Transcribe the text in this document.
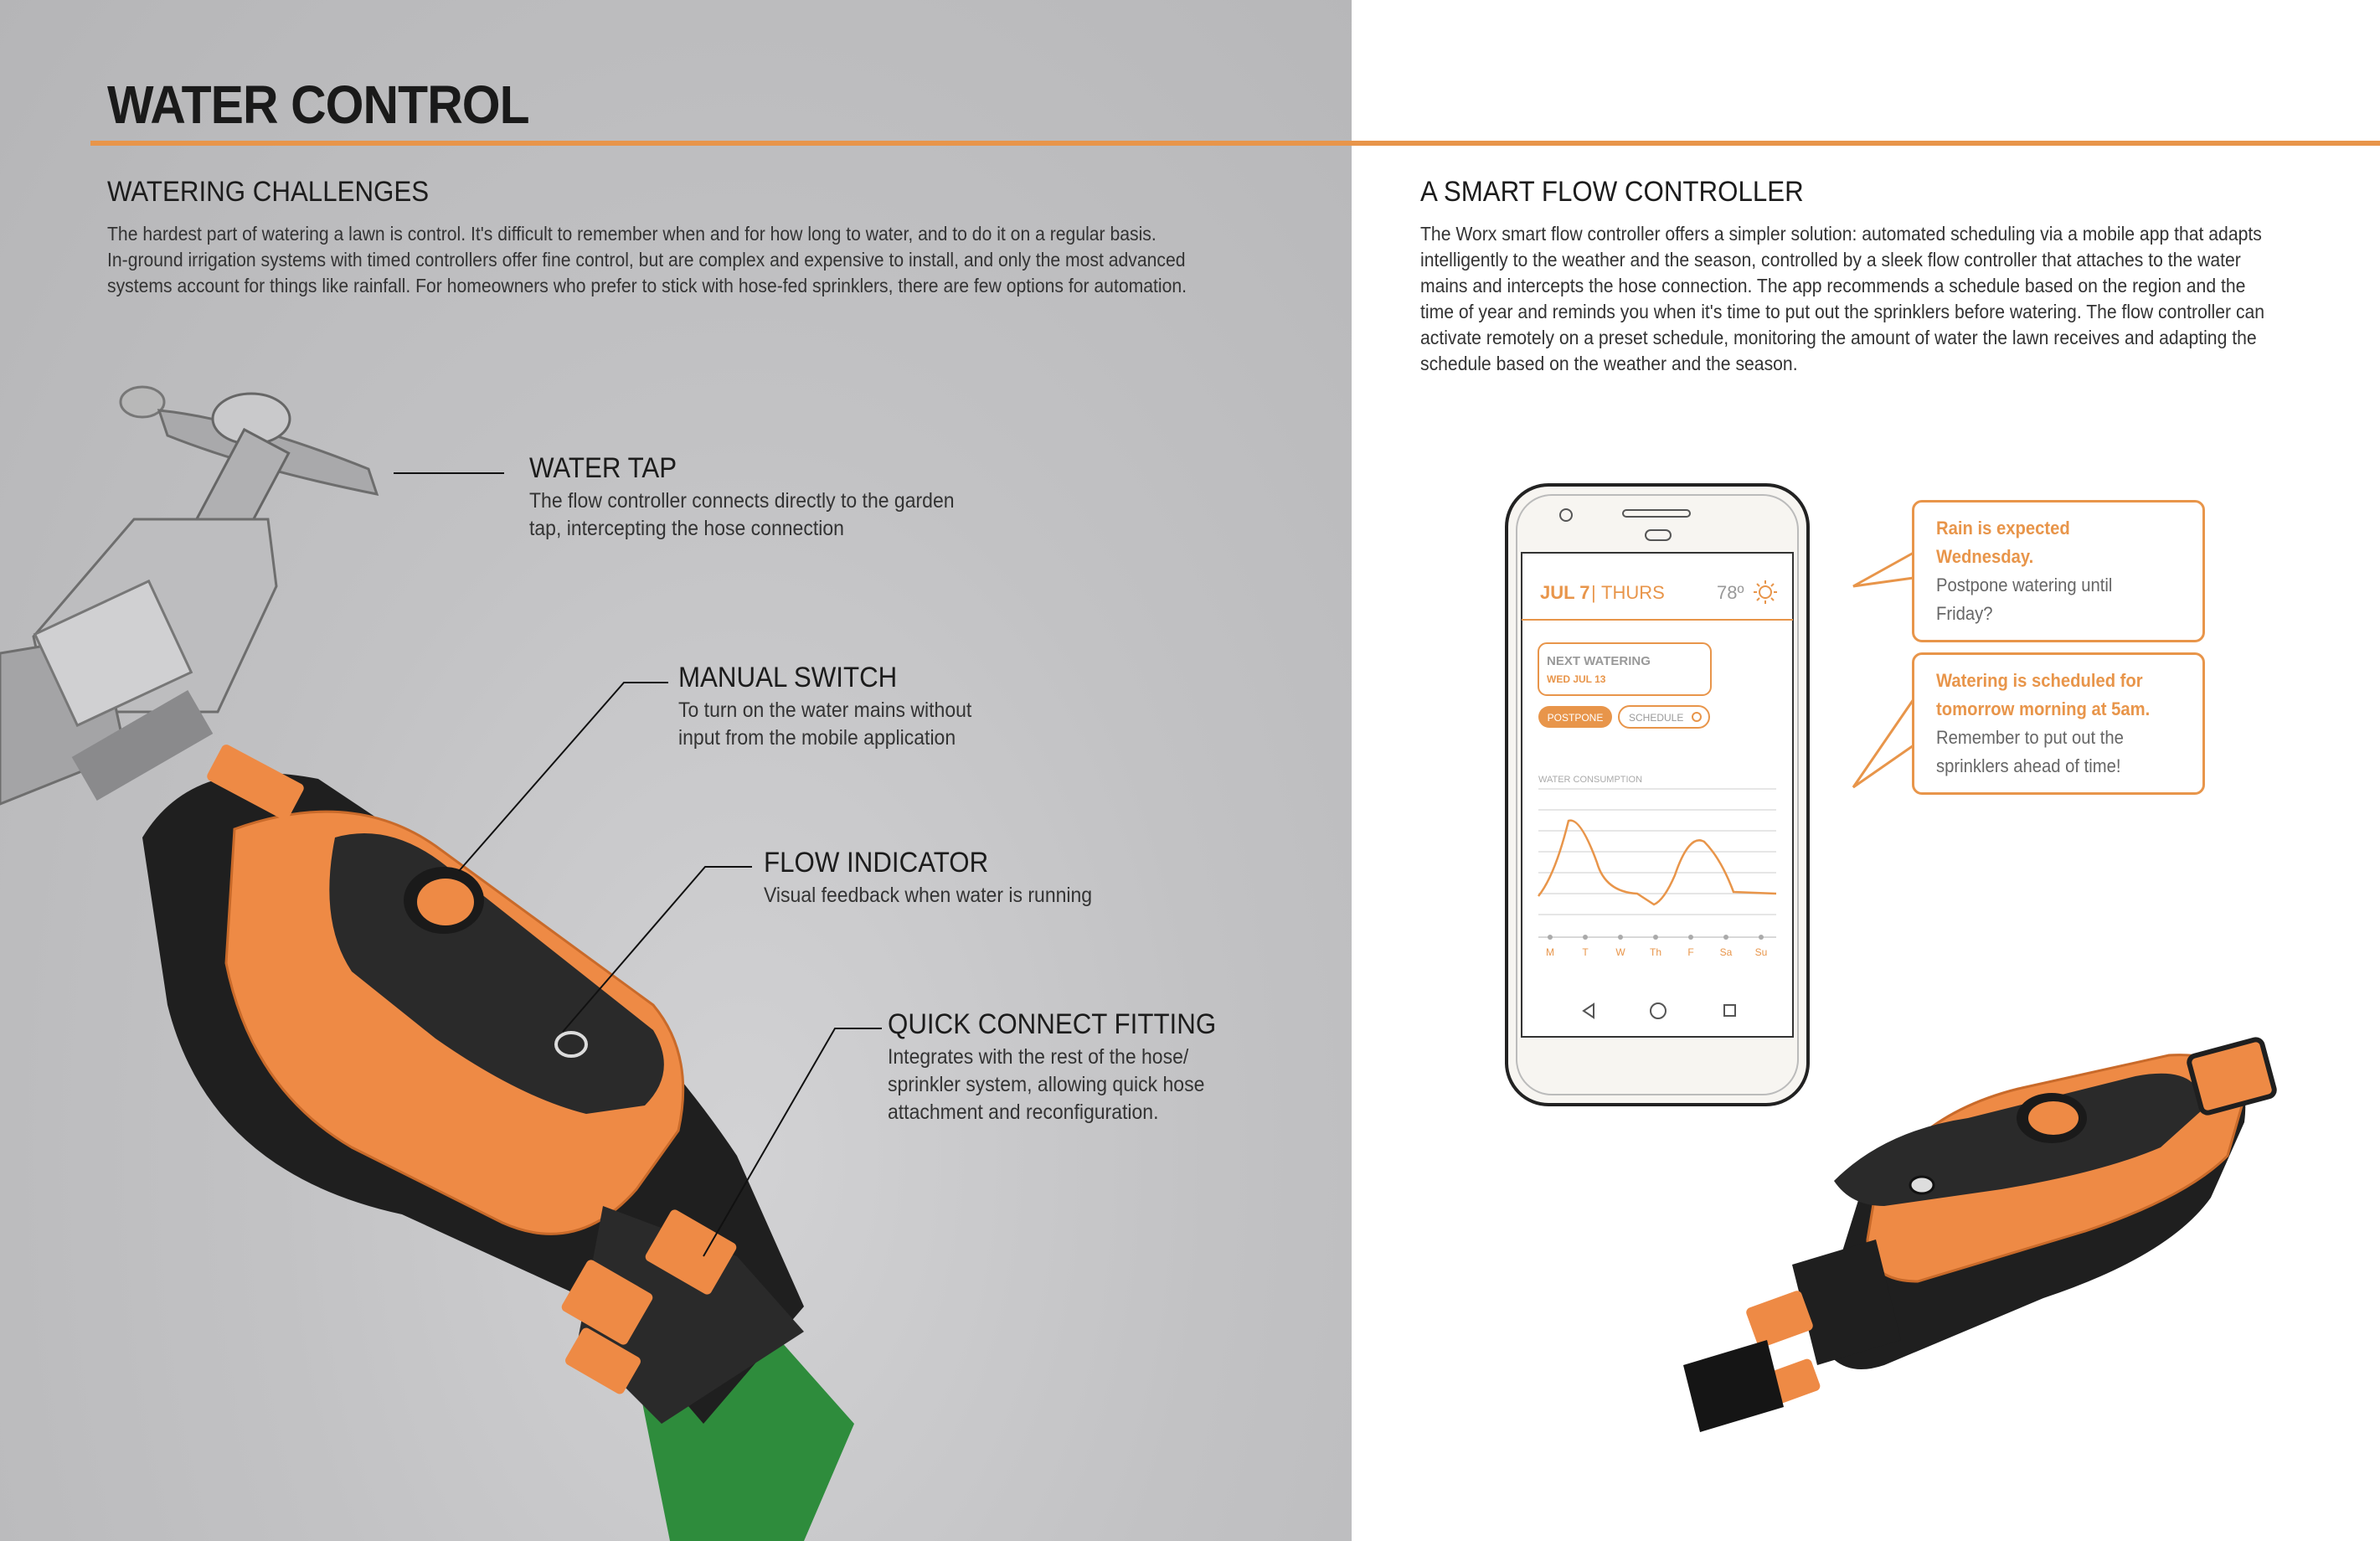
WATER CONTROL
WATERING CHALLENGES
The hardest part of watering a lawn is control. It's difficult to remember when and for how long to water, and to do it on a regular basis.
In-ground irrigation systems with timed controllers offer fine control, but are complex and expensive to install, and only the most advanced
systems account for things like rainfall. For homeowners who prefer to stick with hose-fed sprinklers, there are few options for automation.
WATER TAP
The flow controller connects directly to the garden
tap, intercepting the hose connection
MANUAL SWITCH
To turn on the water mains without
input from the mobile application
FLOW INDICATOR
Visual feedback when water is running
QUICK CONNECT FITTING
Integrates with the rest of the hose/
sprinkler system, allowing quick hose
attachment and reconfiguration.
A SMART FLOW CONTROLLER
The Worx smart flow controller offers a simpler solution: automated scheduling via a mobile app that adapts
intelligently to the weather and the season, controlled by a sleek flow controller that attaches to the water
mains and intercepts the hose connection. The app recommends a schedule based on the region and the
time of year and reminds you when it's time to put out the sprinklers before watering. The flow controller can
activate remotely on a preset schedule, monitoring the amount of water the lawn receives and adapting the
schedule based on the weather and the season.
JUL 7 | THURS	78º
NEXT WATERING
WED JUL 13
POSTPONE	SCHEDULE
WATER CONSUMPTION
M	T	W Th	F	Sa Su
Rain is expected Wednesday.
Postpone watering until Friday?
Watering is scheduled for
tomorrow morning at 5am.
Remember to put out the
sprinklers ahead of time!
